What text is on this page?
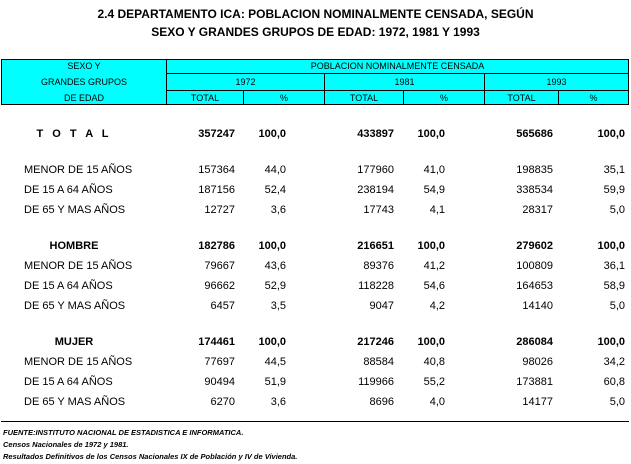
2.4 DEPARTAMENTO ICA: POBLACION NOMINALMENTE CENSADA, SEGÚN
SEXO Y GRANDES GRUPOS DE EDAD: 1972, 1981 Y 1993
SEXO Y
GRANDES GRUPOS
DE EDAD
POBLACION NOMINALMENTE CENSADA
1972	1981	1993
TOTAL	%	TOTAL	%	TOTAL	%
T O T A L	357247 100,0	433897 100,0	565686	100,0
MENOR DE 15 AÑOS	157364	44,0	177960	41,0	198835	35,1
DE 15 A 64 AÑOS	187156	52,4	238194	54,9	338534	59,9
DE 65 Y MAS AÑOS	12727	3,6	17743	4,1	28317	5,0
HOMBRE	182786 100,0	216651 100,0	279602	100,0
MENOR DE 15 AÑOS	79667	43,6	89376	41,2	100809	36,1
DE 15 A 64 AÑOS	96662	52,9	118228	54,6	164653	58,9
DE 65 Y MAS AÑOS	6457	3,5	9047	4,2	14140	5,0
MUJER	174461 100,0	217246 100,0	286084	100,0
MENOR DE 15 AÑOS	77697	44,5	88584	40,8	98026	34,2
DE 15 A 64 AÑOS	90494	51,9	119966	55,2	173881	60,8
DE 65 Y MAS AÑOS	6270	3,6	8696	4,0	14177	5,0
FUENTE:INSTITUTO NACIONAL DE ESTADISTICA E INFORMATICA.
Censos Nacionales de 1972 y 1981.
Resultados Definitivos de los Censos Nacionales IX de Población y IV de Vivienda.
